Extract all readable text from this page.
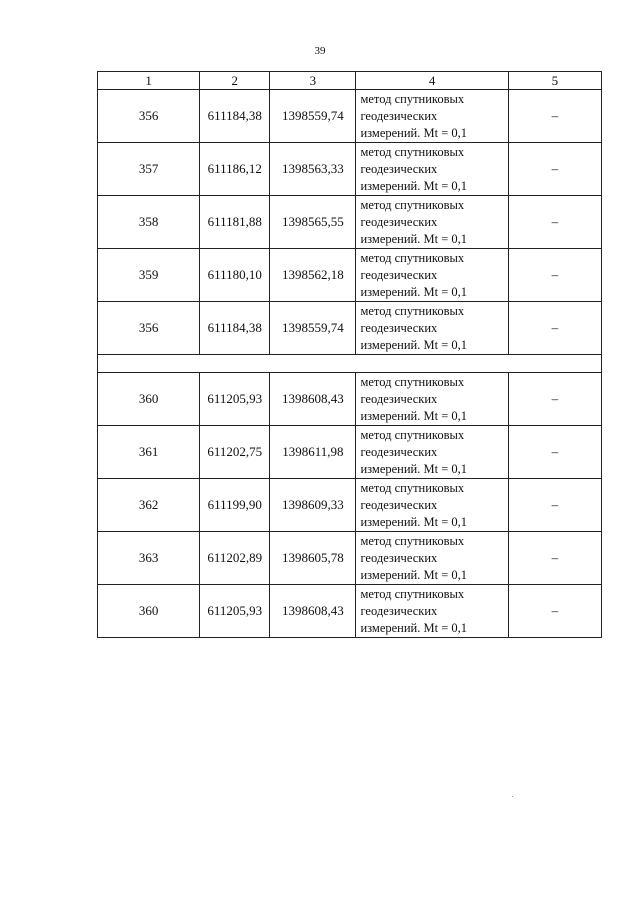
39
1	2	3	4	5
356	611184,38	1398559,74	метод спутниковых
геодезических
измерений. Mt = 0,1	–
357	611186,12	1398563,33	метод спутниковых
геодезических
измерений. Mt = 0,1	–
358	611181,88	1398565,55	метод спутниковых
геодезических
измерений. Mt = 0,1	–
359	611180,10	1398562,18	метод спутниковых
геодезических
измерений. Mt = 0,1	–
356	611184,38	1398559,74	метод спутниковых
геодезических
измерений. Mt = 0,1	–

360	611205,93	1398608,43	метод спутниковых
геодезических
измерений. Mt = 0,1	–
361	611202,75	1398611,98	метод спутниковых
геодезических
измерений. Mt = 0,1	–
362	611199,90	1398609,33	метод спутниковых
геодезических
измерений. Mt = 0,1	–
363	611202,89	1398605,78	метод спутниковых
геодезических
измерений. Mt = 0,1	–
360	611205,93	1398608,43	метод спутниковых
геодезических
измерений. Mt = 0,1	–
